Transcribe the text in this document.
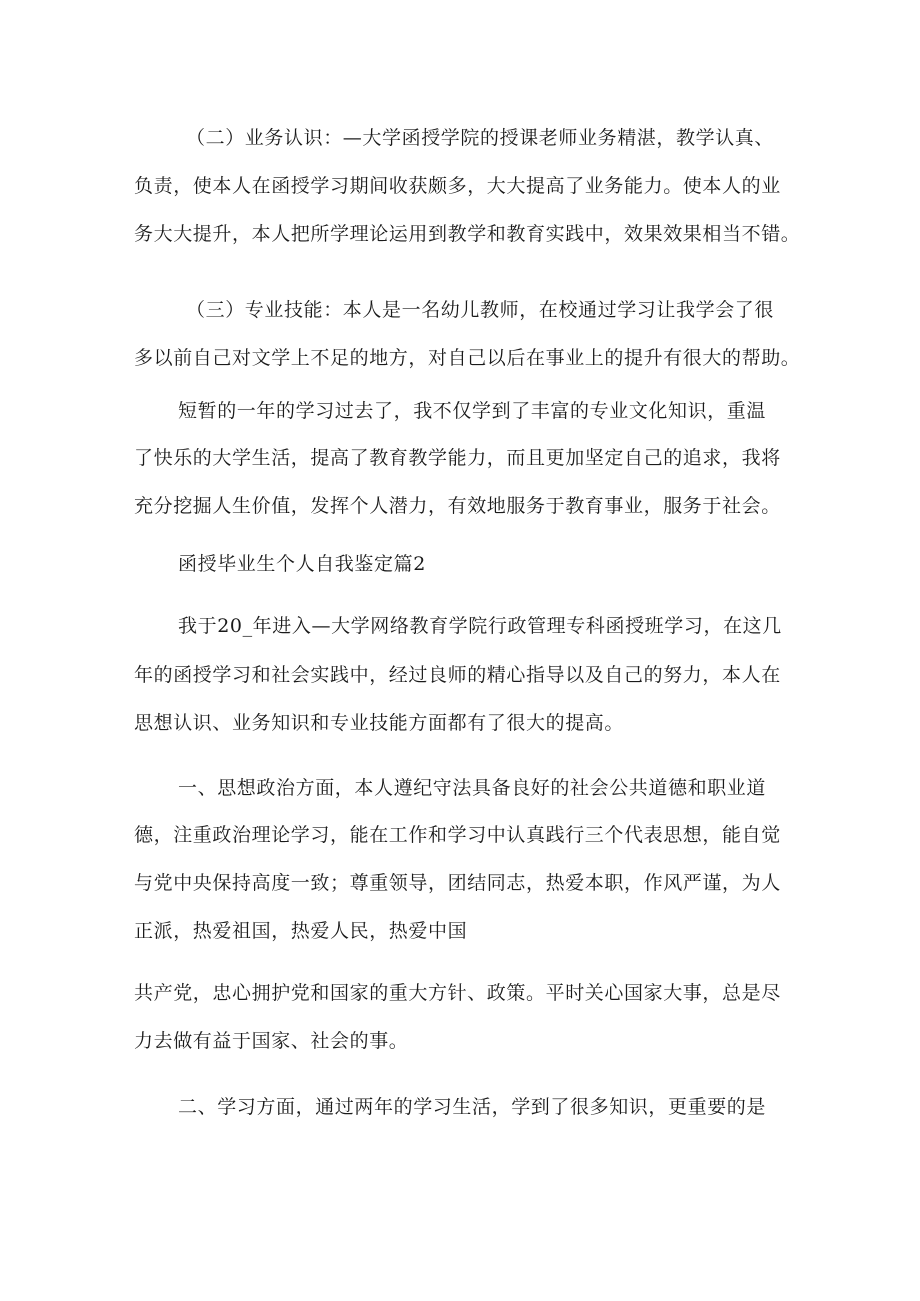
（二）业务认识：—大学函授学院的授课老师业务精湛，教学认真、
负责，使本人在函授学习期间收获颇多，大大提高了业务能力。使本人的业
务大大提升，本人把所学理论运用到教学和教育实践中，效果效果相当不错。
（三）专业技能：本人是一名幼儿教师，在校通过学习让我学会了很
多以前自己对文学上不足的地方，对自己以后在事业上的提升有很大的帮助。
短暂的一年的学习过去了，我不仅学到了丰富的专业文化知识，重温
了快乐的大学生活，提高了教育教学能力，而且更加坚定自己的追求，我将
充分挖掘人生价值，发挥个人潜力，有效地服务于教育事业，服务于社会。
函授毕业生个人自我鉴定篇2
我于20_年进入—大学网络教育学院行政管理专科函授班学习，在这几
年的函授学习和社会实践中，经过良师的精心指导以及自己的努力，本人在
思想认识、业务知识和专业技能方面都有了很大的提高。
一、思想政治方面，本人遵纪守法具备良好的社会公共道德和职业道
德，注重政治理论学习，能在工作和学习中认真践行三个代表思想，能自觉
与党中央保持高度一致；尊重领导，团结同志，热爱本职，作风严谨，为人
正派，热爱祖国，热爱人民，热爱中国
共产党，忠心拥护党和国家的重大方针、政策。平时关心国家大事，总是尽
力去做有益于国家、社会的事。
二、学习方面，通过两年的学习生活，学到了很多知识，更重要的是
